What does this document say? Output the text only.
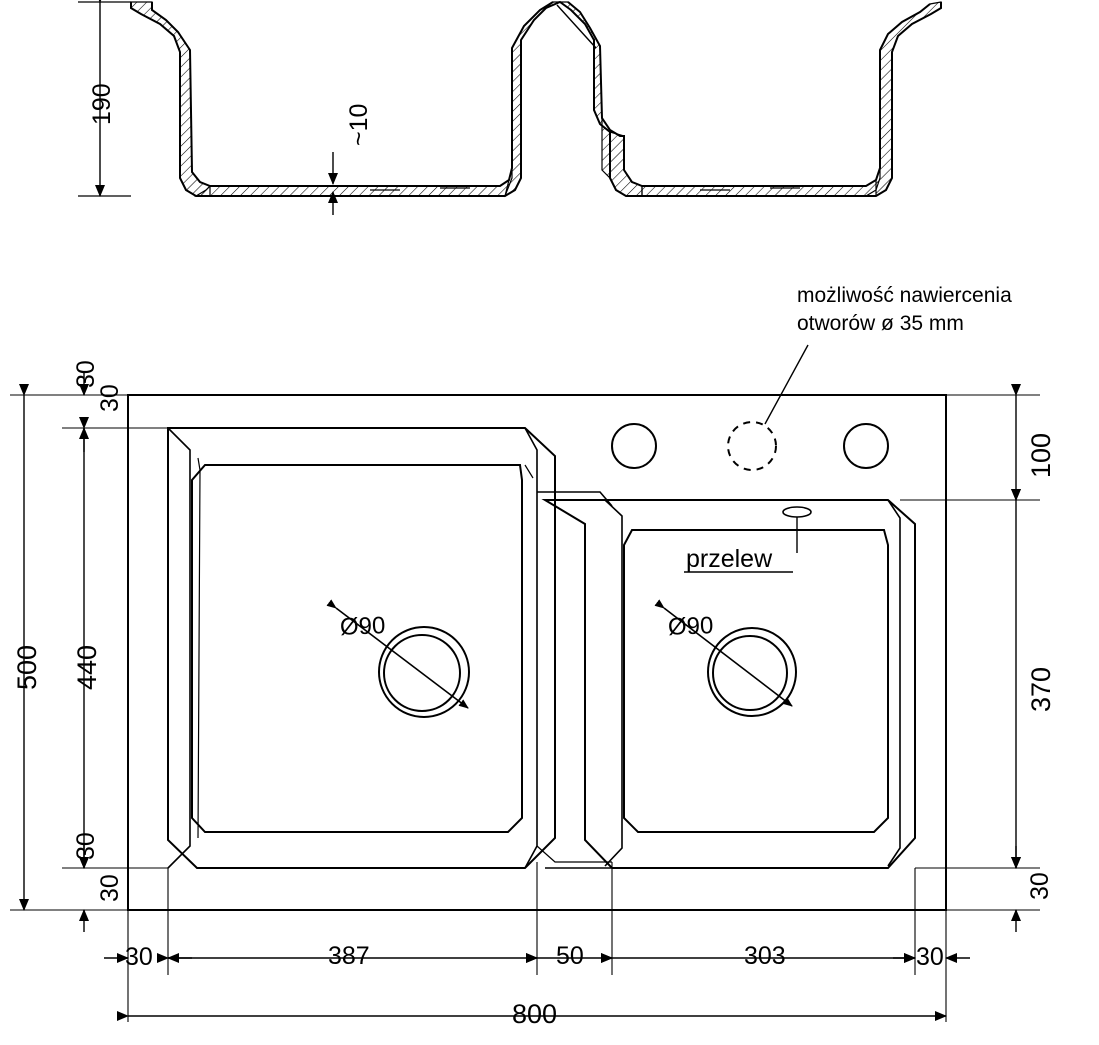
190	~10
możliwość nawiercenia
otworów ø 35 mm
przelew
500 440
30
30
30
30
100
370
30
Ø90	Ø90
30	387	50	303	30
800
